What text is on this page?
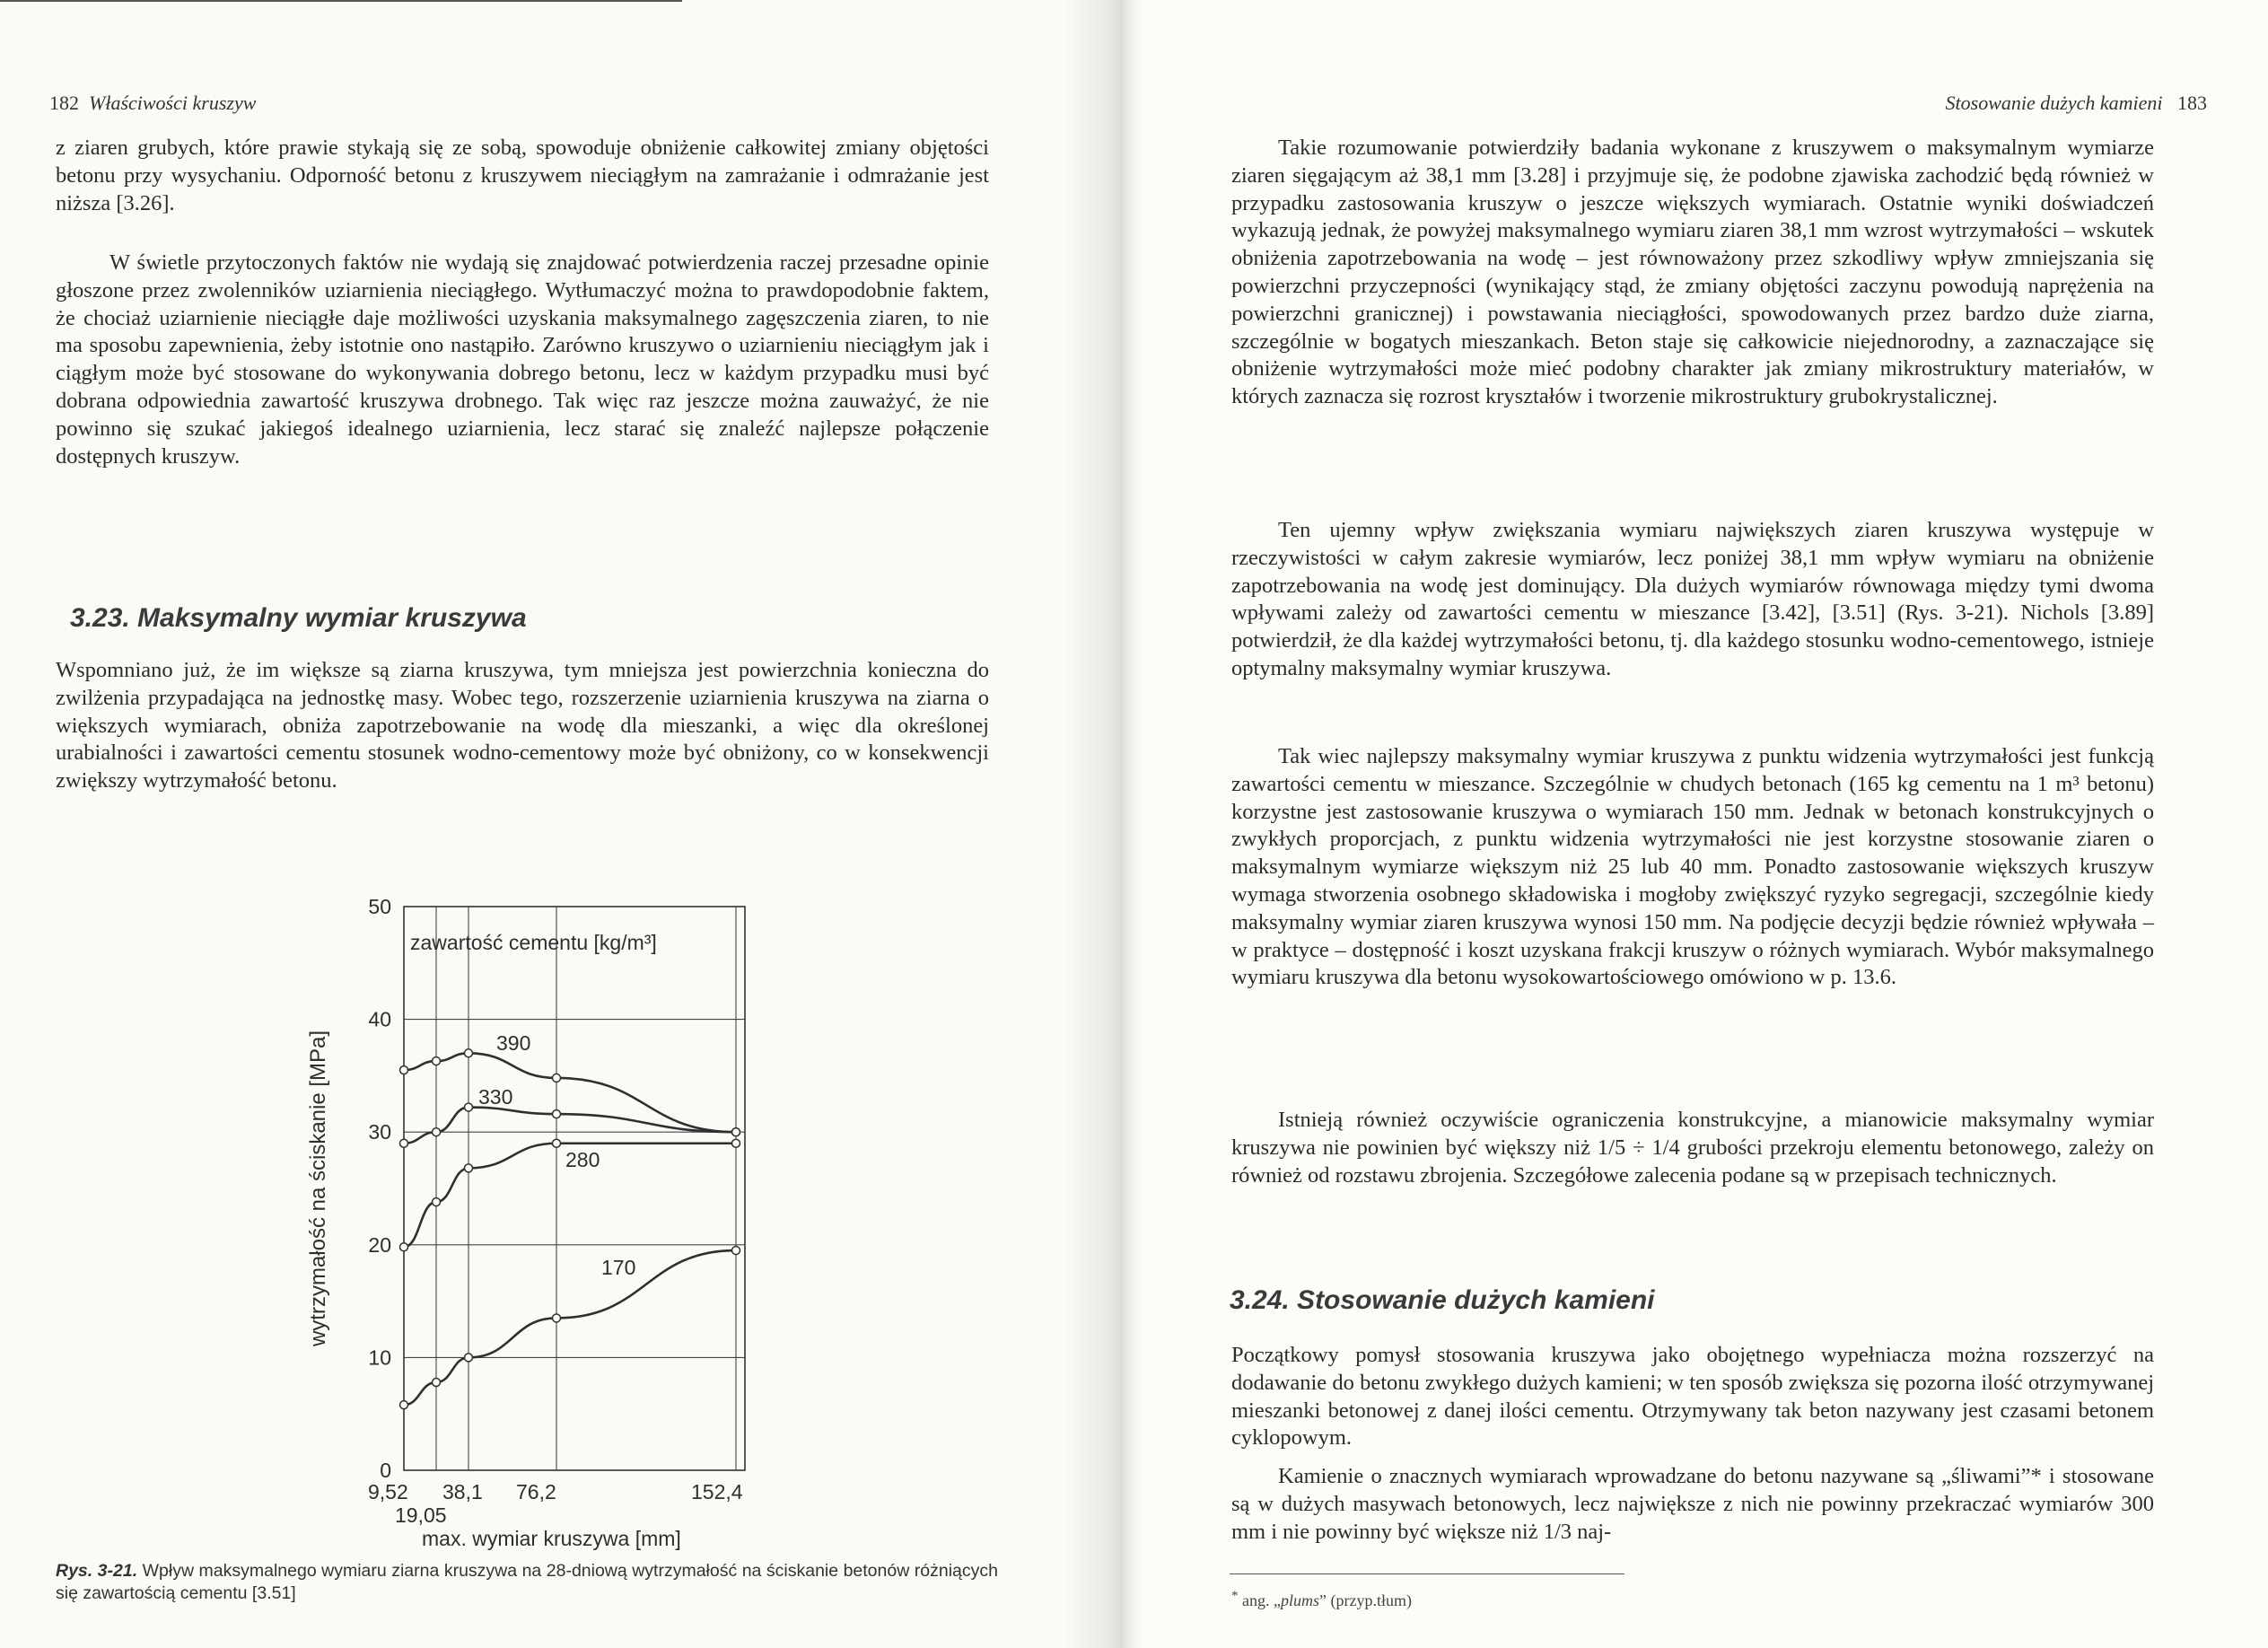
182 Właściwości kruszyw	Stosowanie dużych kamieni 183

z ziaren grubych, które prawie stykają się ze sobą, spowoduje obniżenie całkowitej zmiany objętości betonu przy wysychaniu. Odporność betonu z kruszywem nieciągłym na zamrażanie i odmrażanie jest niższa [3.26].

W świetle przytoczonych faktów nie wydają się znajdować potwierdzenia raczej przesadne opinie głoszone przez zwolenników uziarnienia nieciągłego. Wytłumaczyć można to prawdopodobnie faktem, że chociaż uziarnienie nieciągłe daje możliwości uzyskania maksymalnego zagęszczenia ziaren, to nie ma sposobu zapewnienia, żeby istotnie ono nastąpiło. Zarówno kruszywo o uziarnieniu nieciągłym jak i ciągłym może być stosowane do wykonywania dobrego betonu, lecz w każdym przypadku musi być dobrana odpowiednia zawartość kruszywa drobnego. Tak więc raz jeszcze można zauważyć, że nie powinno się szukać jakiegoś idealnego uziarnienia, lecz starać się znaleźć najlepsze połączenie dostępnych kruszyw.

3.23. Maksymalny wymiar kruszywa

Wspomniano już, że im większe są ziarna kruszywa, tym mniejsza jest powierzchnia konieczna do zwilżenia przypadająca na jednostkę masy. Wobec tego, rozszerzenie uziarnienia kruszywa na ziarna o większych wymiarach, obniża zapotrzebowanie na wodę dla mieszanki, a więc dla określonej urabialności i zawartości cementu stosunek wodno-cementowy może być obniżony, co w konsekwencji zwiększy wytrzymałość betonu.

0
10
20
30
40
50
390
330
280
170
zawartość cementu [kg/m³]
9,52
19,05
38,1 76,2	152,4
max. wymiar kruszywa [mm]
wytrzymałość na ściskanie [MPa]

Rys. 3-21. Wpływ maksymalnego wymiaru ziarna kruszywa na 28-dniową wytrzymałość na ściskanie betonów różniących się zawartością cementu [3.51]

Takie rozumowanie potwierdziły badania wykonane z kruszywem o maksymalnym wymiarze ziaren sięgającym aż 38,1 mm [3.28] i przyjmuje się, że podobne zjawiska zachodzić będą również w przypadku zastosowania kruszyw o jeszcze większych wymiarach. Ostatnie wyniki doświadczeń wykazują jednak, że powyżej maksymalnego wymiaru ziaren 38,1 mm wzrost wytrzymałości – wskutek obniżenia zapotrzebowania na wodę – jest równoważony przez szkodliwy wpływ zmniejszania się powierzchni przyczepności (wynikający stąd, że zmiany objętości zaczynu powodują naprężenia na powierzchni granicznej) i powstawania nieciągłości, spowodowanych przez bardzo duże ziarna, szczególnie w bogatych mieszankach. Beton staje się całkowicie niejednorodny, a zaznaczające się obniżenie wytrzymałości może mieć podobny charakter jak zmiany mikrostruktury materiałów, w których zaznacza się rozrost kryształów i tworzenie mikrostruktury grubokrystalicznej.

Ten ujemny wpływ zwiększania wymiaru największych ziaren kruszywa występuje w rzeczywistości w całym zakresie wymiarów, lecz poniżej 38,1 mm wpływ wymiaru na obniżenie zapotrzebowania na wodę jest dominujący. Dla dużych wymiarów równowaga między tymi dwoma wpływami zależy od zawartości cementu w mieszance [3.42], [3.51] (Rys. 3-21). Nichols [3.89] potwierdził, że dla każdej wytrzymałości betonu, tj. dla każdego stosunku wodno-cementowego, istnieje optymalny maksymalny wymiar kruszywa.

Tak wiec najlepszy maksymalny wymiar kruszywa z punktu widzenia wytrzymałości jest funkcją zawartości cementu w mieszance. Szczególnie w chudych betonach (165 kg cementu na 1 m³ betonu) korzystne jest zastosowanie kruszywa o wymiarach 150 mm. Jednak w betonach konstrukcyjnych o zwykłych proporcjach, z punktu widzenia wytrzymałości nie jest korzystne stosowanie ziaren o maksymalnym wymiarze większym niż 25 lub 40 mm. Ponadto zastosowanie większych kruszyw wymaga stworzenia osobnego składowiska i mogłoby zwiększyć ryzyko segregacji, szczególnie kiedy maksymalny wymiar ziaren kruszywa wynosi 150 mm. Na podjęcie decyzji będzie również wpływała – w praktyce – dostępność i koszt uzyskana frakcji kruszyw o różnych wymiarach. Wybór maksymalnego wymiaru kruszywa dla betonu wysokowartościowego omówiono w p. 13.6.

Istnieją również oczywiście ograniczenia konstrukcyjne, a mianowicie maksymalny wymiar kruszywa nie powinien być większy niż 1/5 ÷ 1/4 grubości przekroju elementu betonowego, zależy on również od rozstawu zbrojenia. Szczegółowe zalecenia podane są w przepisach technicznych.

3.24. Stosowanie dużych kamieni

Początkowy pomysł stosowania kruszywa jako obojętnego wypełniacza można rozszerzyć na dodawanie do betonu zwykłego dużych kamieni; w ten sposób zwiększa się pozorna ilość otrzymywanej mieszanki betonowej z danej ilości cementu. Otrzymywany tak beton nazywany jest czasami betonem cyklopowym.

Kamienie o znacznych wymiarach wprowadzane do betonu nazywane są „śliwami”* i stosowane są w dużych masywach betonowych, lecz największe z nich nie powinny przekraczać wymiarów 300 mm i nie powinny być większe niż 1/3 naj-

* ang. „plums” (przyp.tłum)
